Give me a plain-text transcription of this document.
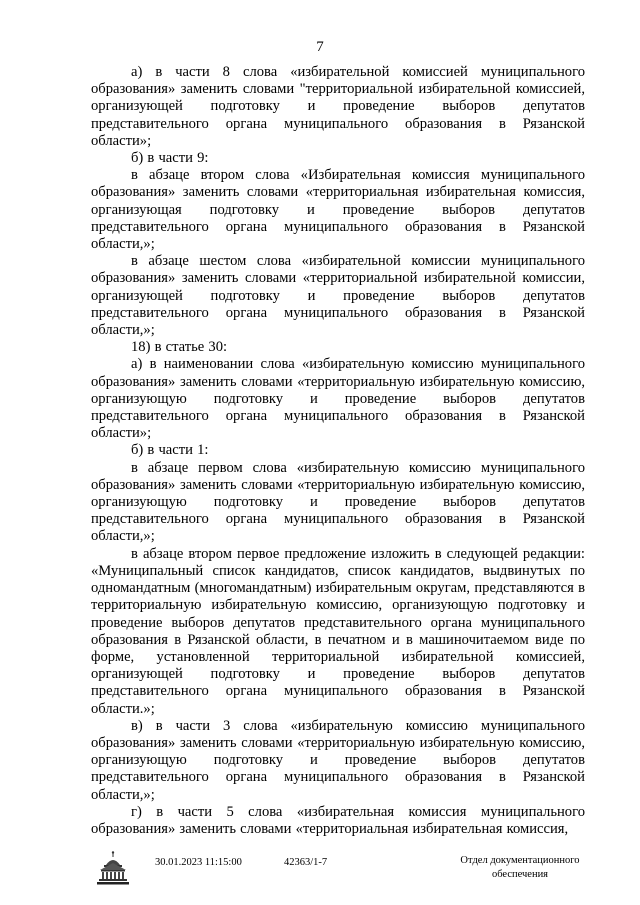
7

а) в части 8 слова «избирательной комиссией муниципального образования» заменить словами "территориальной избирательной комиссией, организующей подготовку и проведение выборов депутатов представительного органа муниципального образования в Рязанской области»;

б) в части 9:

в абзаце втором слова «Избирательная комиссия муниципального образования» заменить словами «территориальная избирательная комиссия, организующая подготовку и проведение выборов депутатов представительного органа муниципального образования в Рязанской области,»;

в абзаце шестом слова «избирательной комиссии муниципального образования» заменить словами «территориальной избирательной комиссии, организующей подготовку и проведение выборов депутатов представительного органа муниципального образования в Рязанской области,»;

18) в статье 30:

а) в наименовании слова «избирательную комиссию муниципального образования» заменить словами «территориальную избирательную комиссию, организующую подготовку и проведение выборов депутатов представительного органа муниципального образования в Рязанской области»;

б) в части 1:

в абзаце первом слова «избирательную комиссию муниципального образования» заменить словами «территориальную избирательную комиссию, организующую подготовку и проведение выборов депутатов представительного органа муниципального образования в Рязанской области,»;

в абзаце втором первое предложение изложить в следующей редакции: «Муниципальный список кандидатов, список кандидатов, выдвинутых по одномандатным (многомандатным) избирательным округам, представляются в территориальную избирательную комиссию, организующую подготовку и проведение выборов депутатов представительного органа муниципального образования в Рязанской области, в печатном и в машиночитаемом виде по форме, установленной территориальной избирательной комиссией, организующей подготовку и проведение выборов депутатов представительного органа муниципального образования в Рязанской области.»;

в) в части 3 слова «избирательную комиссию муниципального образования» заменить словами «территориальную избирательную комиссию, организующую подготовку и проведение выборов депутатов представительного органа муниципального образования в Рязанской области,»;

г) в части 5 слова «избирательная комиссия муниципального образования» заменить словами «территориальная избирательная комиссия,

30.01.2023 11:15:00	42363/1-7	Отдел документационного
обеспечения
